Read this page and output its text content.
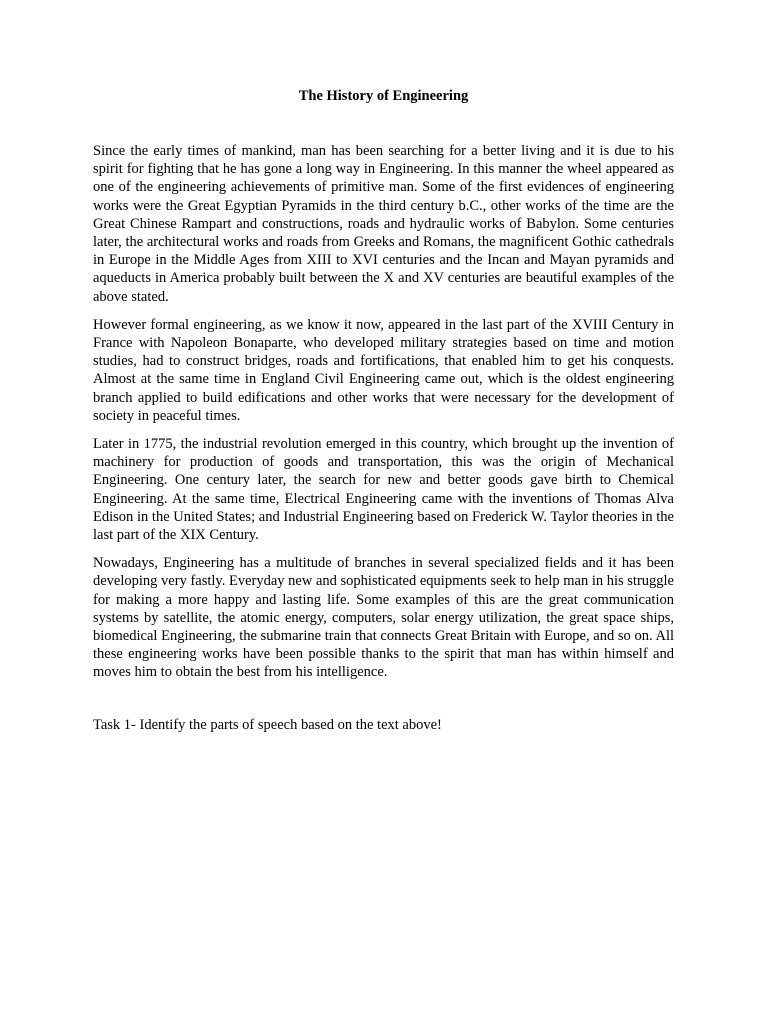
The History of Engineering

Since the early times of mankind, man has been searching for a better living and it is due to his spirit for fighting that he has gone a long way in Engineering. In this manner the wheel appeared as one of the engineering achievements of primitive man. Some of the first evidences of engineering works were the Great Egyptian Pyramids in the third century b.C., other works of the time are the Great Chinese Rampart and constructions, roads and hydraulic works of Babylon. Some centuries later, the architectural works and roads from Greeks and Romans, the magnificent Gothic cathedrals in Europe in the Middle Ages from XIII to XVI centuries and the Incan and Mayan pyramids and aqueducts in America probably built between the X and XV centuries are beautiful examples of the above stated.

However formal engineering, as we know it now, appeared in the last part of the XVIII Century in France with Napoleon Bonaparte, who developed military strategies based on time and motion studies, had to construct bridges, roads and fortifications, that enabled him to get his conquests. Almost at the same time in England Civil Engineering came out, which is the oldest engineering branch applied to build edifications and other works that were necessary for the development of society in peaceful times.

Later in 1775, the industrial revolution emerged in this country, which brought up the invention of machinery for production of goods and transportation, this was the origin of Mechanical Engineering. One century later, the search for new and better goods gave birth to Chemical Engineering. At the same time, Electrical Engineering came with the inventions of Thomas Alva Edison in the United States; and Industrial Engineering based on Frederick W. Taylor theories in the last part of the XIX Century.

Nowadays, Engineering has a multitude of branches in several specialized fields and it has been developing very fastly. Everyday new and sophisticated equipments seek to help man in his struggle for making a more happy and lasting life. Some examples of this are the great communication systems by satellite, the atomic energy, computers, solar energy utilization, the great space ships, biomedical Engineering, the submarine train that connects Great Britain with Europe, and so on. All these engineering works have been possible thanks to the spirit that man has within himself and moves him to obtain the best from his intelligence.

Task 1- Identify the parts of speech based on the text above!
